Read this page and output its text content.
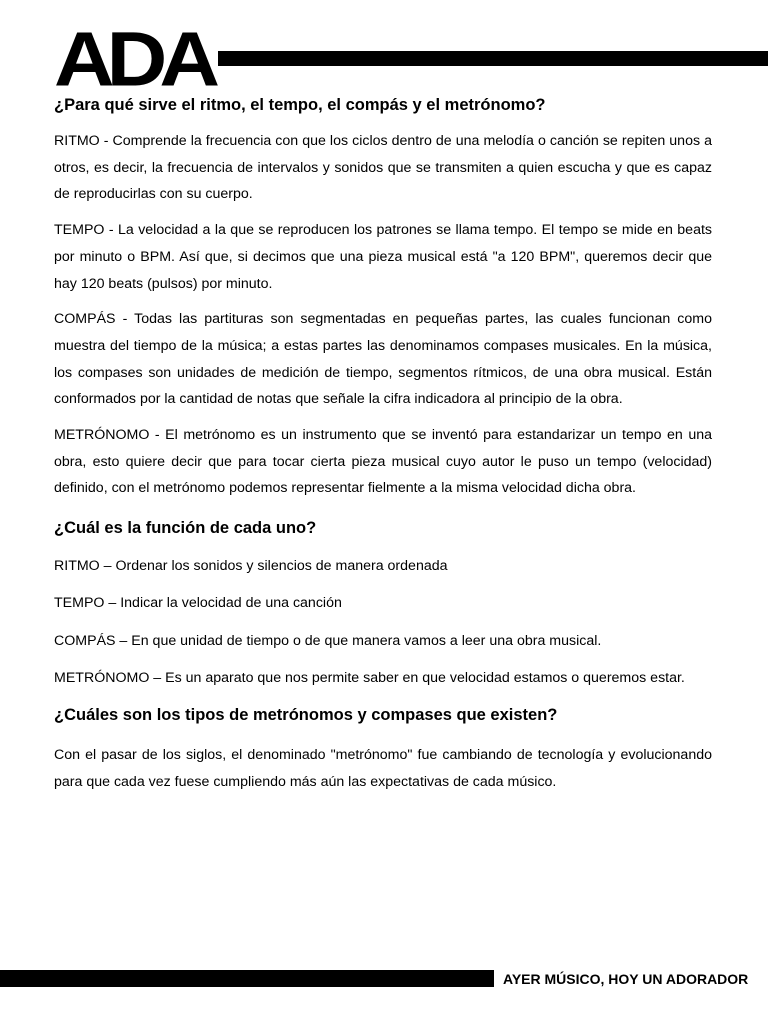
ADA
¿Para qué sirve el ritmo, el tempo, el compás y el metrónomo?

RITMO - Comprende la frecuencia con que los ciclos dentro de una melodía o canción se repiten unos a otros, es decir, la frecuencia de intervalos y sonidos que se transmiten a quien escucha y que es capaz de reproducirlas con su cuerpo.

TEMPO - La velocidad a la que se reproducen los patrones se llama tempo. El tempo se mide en beats por minuto o BPM. Así que, si decimos que una pieza musical está "a 120 BPM", queremos decir que hay 120 beats (pulsos) por minuto.

COMPÁS - Todas las partituras son segmentadas en pequeñas partes, las cuales funcionan como muestra del tiempo de la música; a estas partes las denominamos compases musicales. En la música, los compases son unidades de medición de tiempo, segmentos rítmicos, de una obra musical. Están conformados por la cantidad de notas que señale la cifra indicadora al principio de la obra.

METRÓNOMO - El metrónomo es un instrumento que se inventó para estandarizar un tempo en una obra, esto quiere decir que para tocar cierta pieza musical cuyo autor le puso un tempo (velocidad) definido, con el metrónomo podemos representar fielmente a la misma velocidad dicha obra.

¿Cuál es la función de cada uno?

RITMO – Ordenar los sonidos y silencios de manera ordenada

TEMPO – Indicar la velocidad de una canción

COMPÁS – En que unidad de tiempo o de que manera vamos a leer una obra musical.

METRÓNOMO – Es un aparato que nos permite saber en que velocidad estamos o queremos estar.

¿Cuáles son los tipos de metrónomos y compases que existen?

Con el pasar de los siglos, el denominado "metrónomo" fue cambiando de tecnología y evolucionando para que cada vez fuese cumpliendo más aún las expectativas de cada músico.

AYER MÚSICO, HOY UN ADORADOR
